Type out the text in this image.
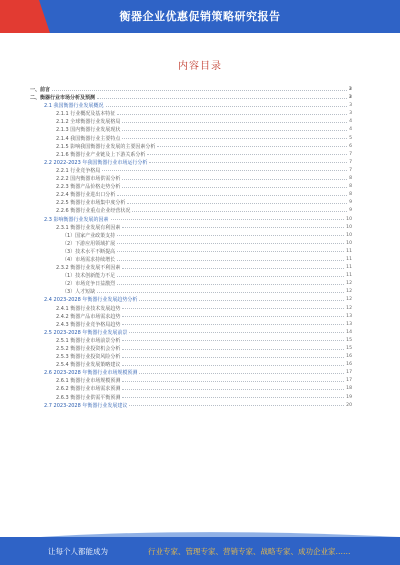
衡器企业优惠促销策略研究报告
内容目录
一、前言	3
二、衡器行业市场分析及预测	3
2.1 我国衡器行业发展概况	3
2.1.1 行业概况及基本特征	3
2.1.2 全球衡器行业发展格局	4
2.1.3 国内衡器行业发展现状	4
2.1.4 我国衡器行业主要特点	5
2.1.5 影响我国衡器行业发展的主要因素分析	6
2.1.6 衡器行业产业链及上下游关系分析	7
2.2 2022-2023 年我国衡器行业市场运行分析	7
2.2.1 行业竞争格局	7
2.2.2 国内衡器市场供需分析	8
2.2.3 衡器产品价格走势分析	8
2.2.4 衡器行业进出口分析	8
2.2.5 衡器行业市场集中度分析	9
2.2.6 衡器行业重点企业经营状况	9
2.3 影响衡器行业发展的因素	10
2.3.1 衡器行业发展有利因素	10
（1）国家产业政策支持	10
（2）下游应用领域扩展	10
（3）技术水平不断提高	11
（4）市场需求持续增长	11
2.3.2 衡器行业发展不利因素	11
（1）技术创新能力不足	11
（2）市场竞争日益激烈	12
（3）人才短缺	12
2.4 2023-2028 年衡器行业发展趋势分析	12
2.4.1 衡器行业技术发展趋势	12
2.4.2 衡器产品市场需求趋势	13
2.4.3 衡器行业竞争格局趋势	13
2.5 2023-2028 年衡器行业发展前景	14
2.5.1 衡器行业市场前景分析	15
2.5.2 衡器行业投资机会分析	15
2.5.3 衡器行业投资风险分析	16
2.5.4 衡器行业发展策略建议	16
2.6 2023-2028 年衡器行业市场规模预测	17
2.6.1 衡器行业市场规模预测	17
2.6.2 衡器行业市场需求预测	18
2.6.3 衡器行业供需平衡预测	19
2.7 2023-2028 年衡器行业发展建议	20
让每个人都能成为	行业专家、管理专家、营销专家、战略专家、成功企业家……
